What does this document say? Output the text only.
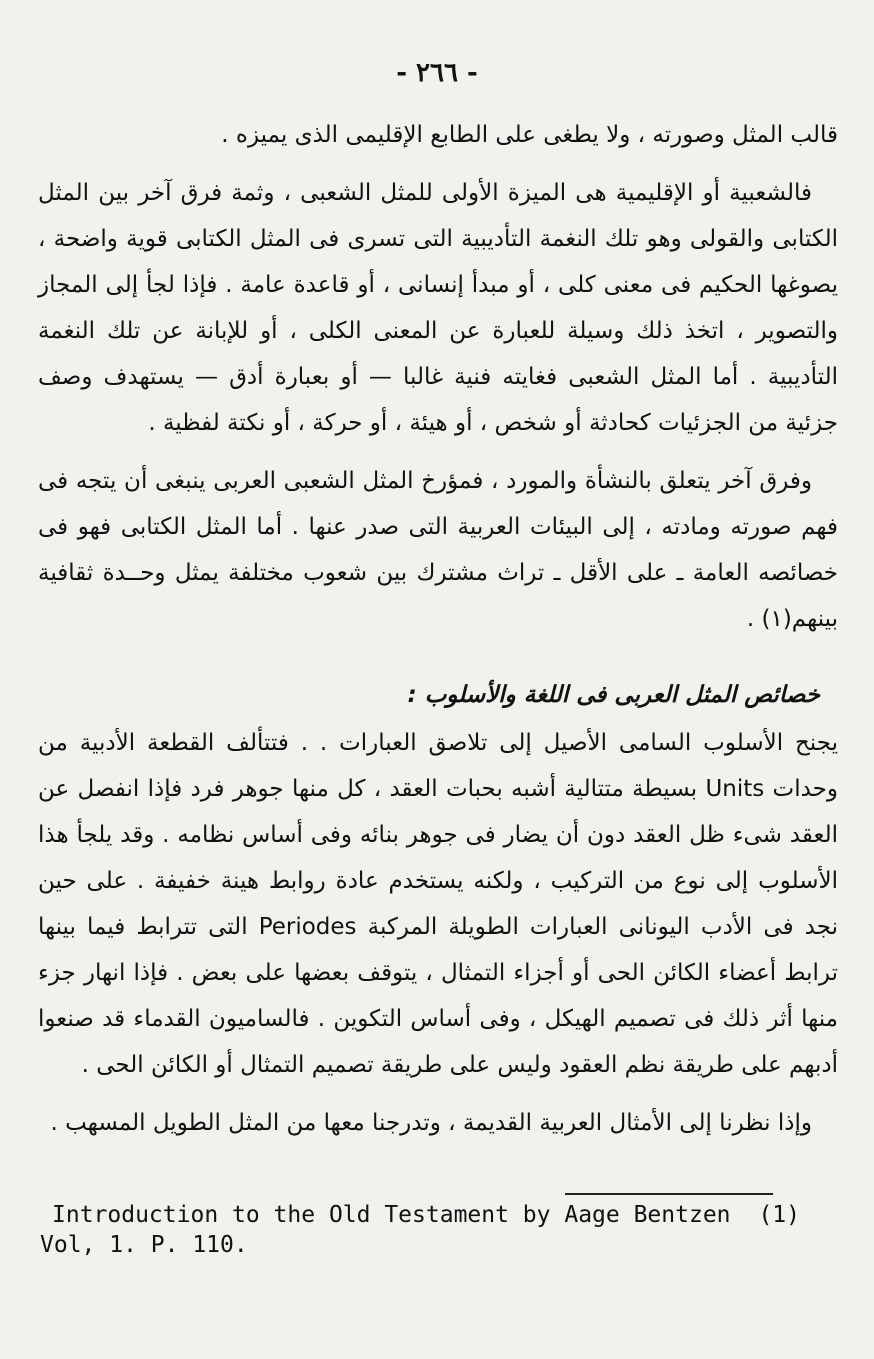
- ٢٦٦ -

قالب المثل وصورته ، ولا يطغى على الطابع الإقليمى الذى يميزه .

فالشعبية أو الإقليمية هى الميزة الأولى للمثل الشعبى ، وثمة فرق آخر بين المثل الكتابى والقولى وهو تلك النغمة التأديبية التى تسرى فى المثل الكتابى قوية واضحة ، يصوغها الحكيم فى معنى كلى ، أو مبدأ إنسانى ، أو قاعدة عامة . فإذا لجأ إلى المجاز والتصوير ، اتخذ ذلك وسيلة للعبارة عن المعنى الكلى ، أو للإبانة عن تلك النغمة التأديبية . أما المثل الشعبى فغايته فنية غالبا — أو بعبارة أدق — يستهدف وصف جزئية من الجزئيات كحادثة أو شخص ، أو هيئة ، أو حركة ، أو نكتة لفظية .

وفرق آخر يتعلق بالنشأة والمورد ، فمؤرخ المثل الشعبى العربى ينبغى أن يتجه فى فهم صورته ومادته ، إلى البيئات العربية التى صدر عنها . أما المثل الكتابى فهو فى خصائصه العامة ـ على الأقل ـ تراث مشترك بين شعوب مختلفة يمثل وحــدة ثقافية بينهم(١) .

خصائص المثل العربى فى اللغة والأسلوب :

يجنح الأسلوب السامى الأصيل إلى تلاصق العبارات . . فتتألف القطعة الأدبية من وحدات Units بسيطة متتالية أشبه بحبات العقد ، كل منها جوهر فرد فإذا انفصل عن العقد شىء ظل العقد دون أن يضار فى جوهر بنائه وفى أساس نظامه . وقد يلجأ هذا الأسلوب إلى نوع من التركيب ، ولكنه يستخدم عادة روابط هينة خفيفة . على حين نجد فى الأدب اليونانى العبارات الطويلة المركبة Periodes التى تترابط فيما بينها ترابط أعضاء الكائن الحى أو أجزاء التمثال ، يتوقف بعضها على بعض . فإذا انهار جزء منها أثر ذلك فى تصميم الهيكل ، وفى أساس التكوين . فالساميون القدماء قد صنعوا أدبهم على طريقة نظم العقود وليس على طريقة تصميم التمثال أو الكائن الحى .

وإذا نظرنا إلى الأمثال العربية القديمة ، وتدرجنا معها من المثل الطويل المسهب .

(1)
Introduction to the Old Testament by Aage Bentzen
Vol, 1. P. 110.
